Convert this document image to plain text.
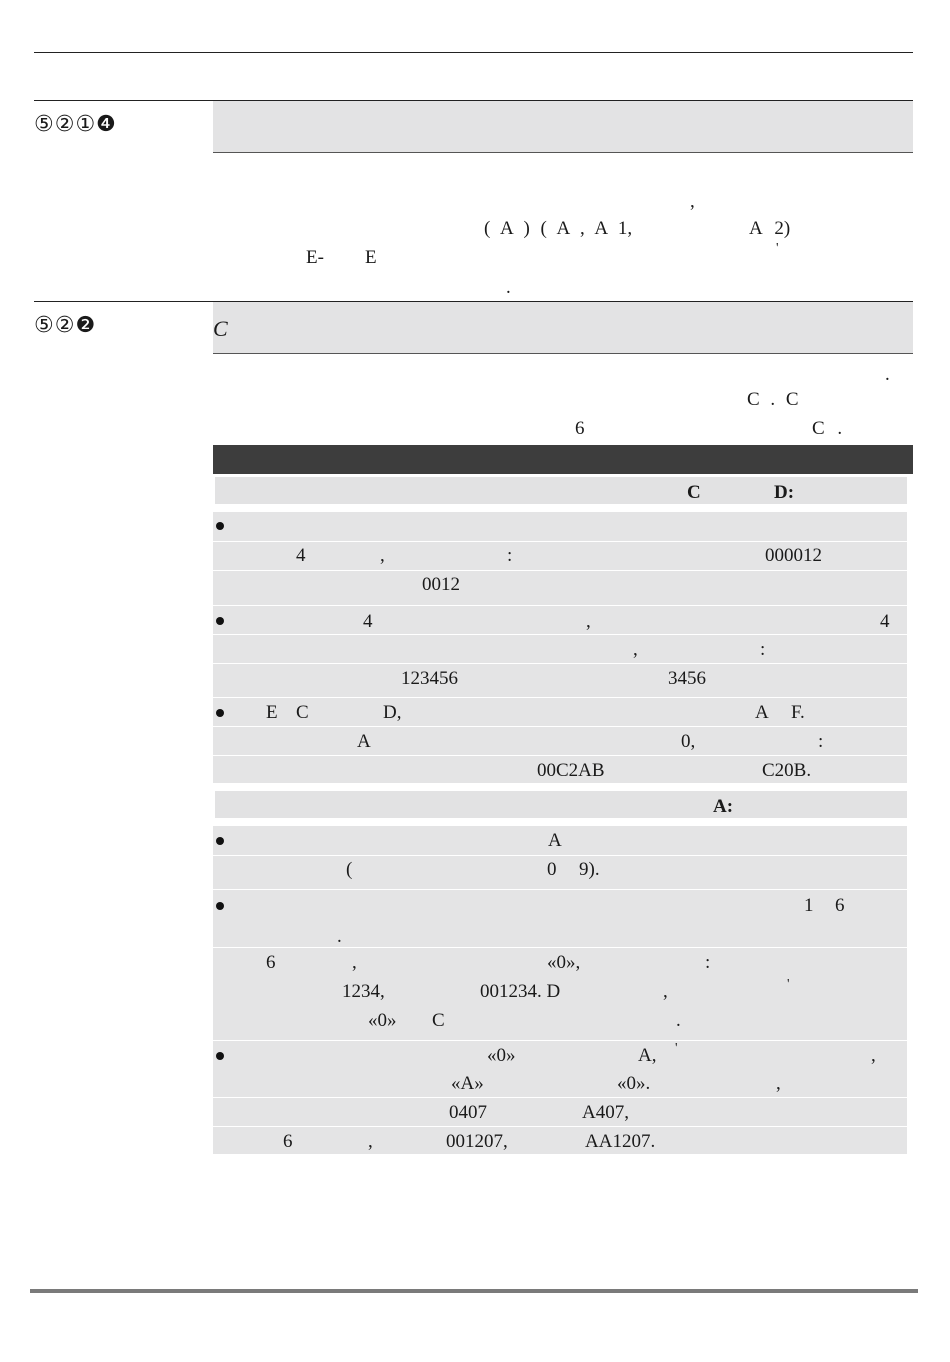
⑤②①❹
,
( A ) ( A , A 1,	A 2)
E- E	'
.
⑤②❷	C
.
C . C
6	C .
C	D:
4	,	:	000012
0012
4	,	4
,	:
123456	3456
E C	D,	A F.
A	0,	:
00C2AB	C20B.
A:
A
(	0 9).
1 6
.
6	,	«0»,	:
1234,	001234. D	,	'
«0» C	.
«0»	A, '	,
«A»	«0».	,
0407	A407,
6	,	001207,	AA1207.
